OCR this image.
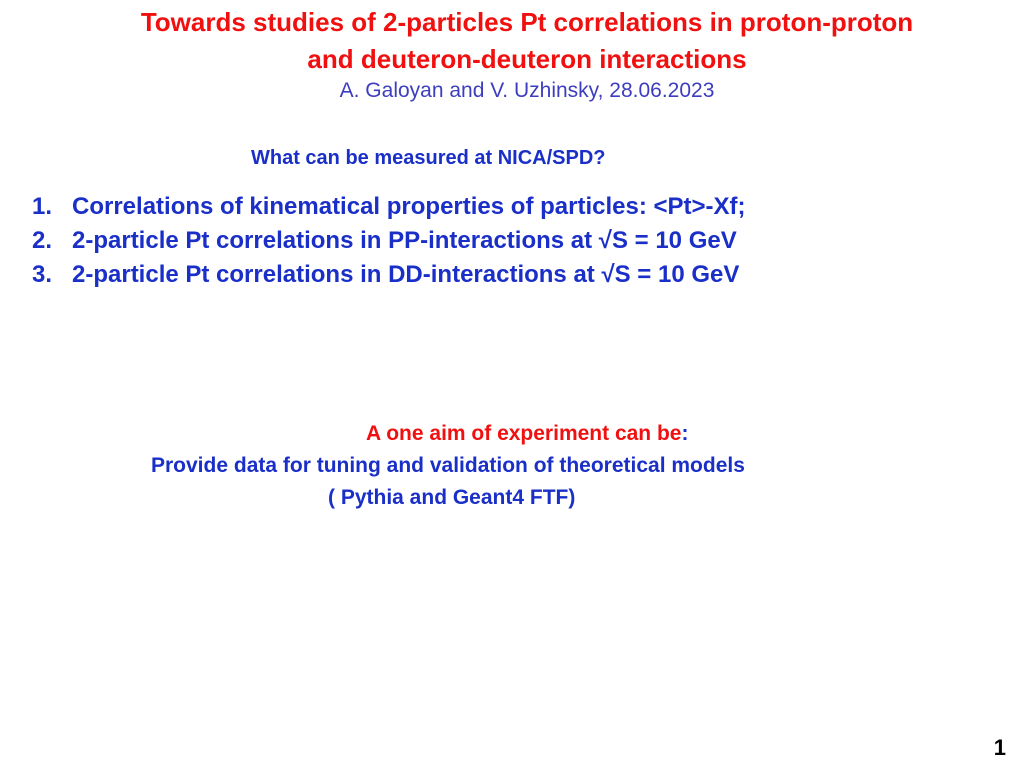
Towards studies of 2-particles Pt correlations in proton-proton
and deuteron-deuteron interactions
A. Galoyan and V. Uzhinsky, 28.06.2023
What can be measured at NICA/SPD?
1. Correlations of kinematical properties of particles: <Pt>-Xf;
2. 2-particle Pt correlations in PP-interactions at √S = 10 GeV
3. 2-particle Pt correlations in DD-interactions at √S = 10 GeV
A one aim of experiment can be:
Provide data for tuning and validation of theoretical models
( Pythia and Geant4 FTF)
1
